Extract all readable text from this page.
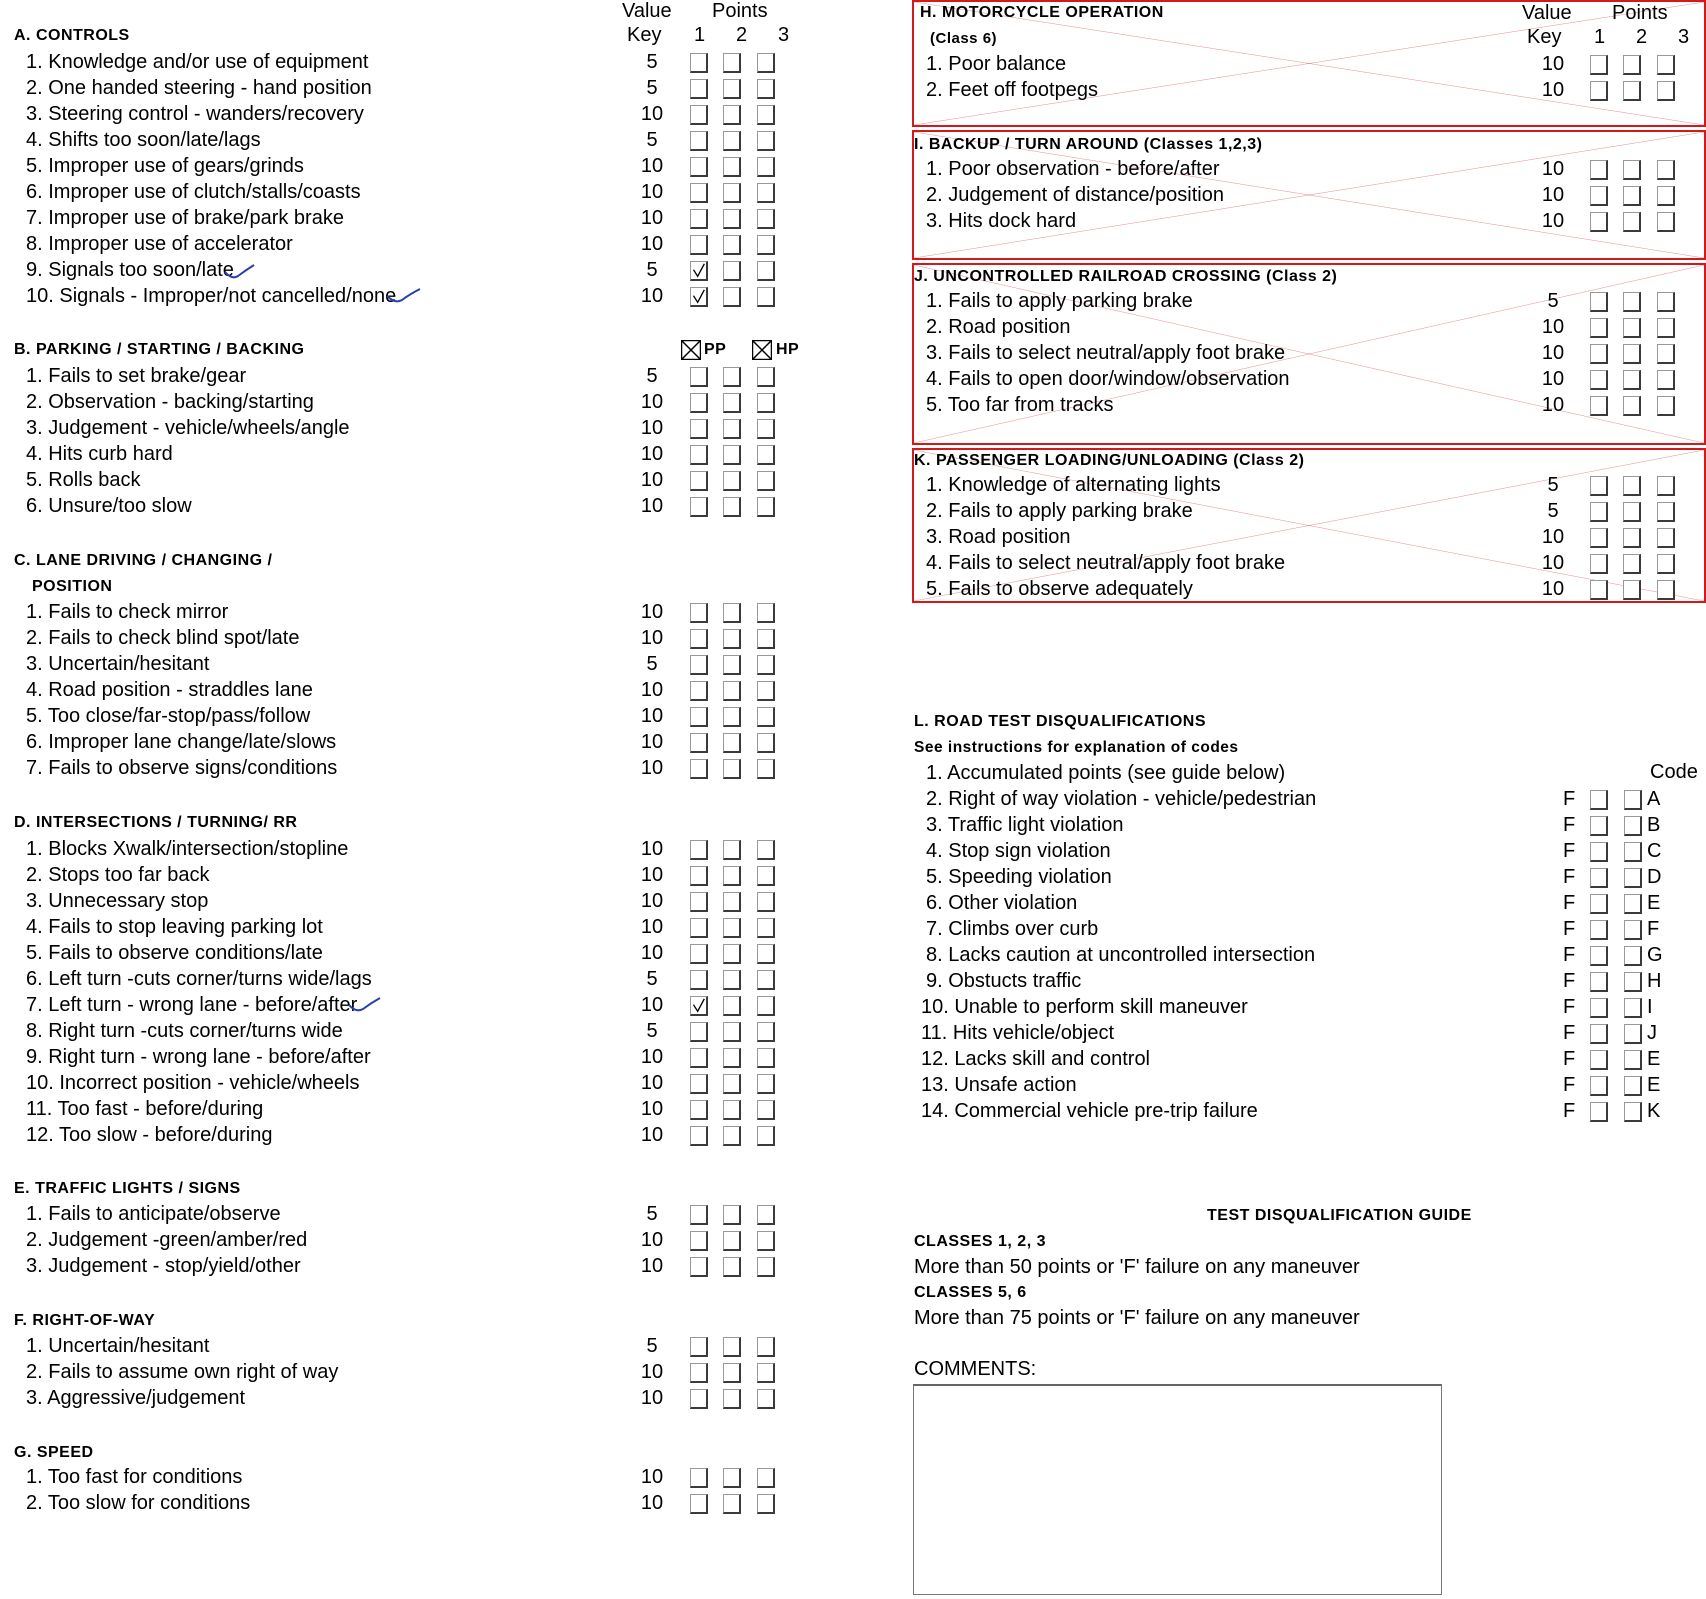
Value Points
Key 1 2 3
A. CONTROLS
1. Knowledge and/or use of equipment	5
2. One handed steering - hand position	5
3. Steering control - wanders/recovery	10
4. Shifts too soon/late/lags	5
5. Improper use of gears/grinds	10
6. Improper use of clutch/stalls/coasts	10
7. Improper use of brake/park brake	10
8. Improper use of accelerator	10
9. Signals too soon/late	5
10. Signals - Improper/not cancelled/none	10
B. PARKING / STARTING / BACKING	PP	HP
1. Fails to set brake/gear	5
2. Observation - backing/starting	10
3. Judgement - vehicle/wheels/angle	10
4. Hits curb hard	10
5. Rolls back	10
6. Unsure/too slow	10
C. LANE DRIVING / CHANGING /
POSITION
1. Fails to check mirror	10
2. Fails to check blind spot/late	10
3. Uncertain/hesitant	5
4. Road position - straddles lane	10
5. Too close/far-stop/pass/follow	10
6. Improper lane change/late/slows	10
7. Fails to observe signs/conditions	10
D. INTERSECTIONS / TURNING/ RR
1. Blocks Xwalk/intersection/stopline	10
2. Stops too far back	10
3. Unnecessary stop	10
4. Fails to stop leaving parking lot	10
5. Fails to observe conditions/late	10
6. Left turn -cuts corner/turns wide/lags	5
7. Left turn - wrong lane - before/after	10
8. Right turn -cuts corner/turns wide	5
9. Right turn - wrong lane - before/after	10
10. Incorrect position - vehicle/wheels	10
11. Too fast - before/during	10
12. Too slow - before/during	10
E. TRAFFIC LIGHTS / SIGNS
1. Fails to anticipate/observe	5
2. Judgement -green/amber/red	10
3. Judgement - stop/yield/other	10
F. RIGHT-OF-WAY
1. Uncertain/hesitant	5
2. Fails to assume own right of way	10
3. Aggressive/judgement	10
G. SPEED
1. Too fast for conditions	10
2. Too slow for conditions	10
H. MOTORCYCLE OPERATION
(Class 6)
Value Points
Key 1 2 3
1. Poor balance	10
2. Feet off footpegs	10
I. BACKUP / TURN AROUND (Classes 1,2,3)
1. Poor observation - before/after	10
2. Judgement of distance/position	10
3. Hits dock hard	10
J. UNCONTROLLED RAILROAD CROSSING (Class 2)
1. Fails to apply parking brake	5
2. Road position	10
3. Fails to select neutral/apply foot brake	10
4. Fails to open door/window/observation	10
5. Too far from tracks	10
K. PASSENGER LOADING/UNLOADING (Class 2)
1. Knowledge of alternating lights	5
2. Fails to apply parking brake	5
3. Road position	10
4. Fails to select neutral/apply foot brake	10
5. Fails to observe adequately	10
L. ROAD TEST DISQUALIFICATIONS
See instructions for explanation of codes
Code
1. Accumulated points (see guide below)
2. Right of way violation - vehicle/pedestrian	F	A
3. Traffic light violation	F	B
4. Stop sign violation	F	C
5. Speeding violation	F	D
6. Other violation	F	E
7. Climbs over curb	F	F
8. Lacks caution at uncontrolled intersection	F	G
9. Obstucts traffic	F	H
10. Unable to perform skill maneuver	F	I
11. Hits vehicle/object	F	J
12. Lacks skill and control	F	E
13. Unsafe action	F	E
14. Commercial vehicle pre-trip failure	F	K
TEST DISQUALIFICATION GUIDE
CLASSES 1, 2, 3
More than 50 points or 'F' failure on any maneuver
CLASSES 5, 6
More than 75 points or 'F' failure on any maneuver
COMMENTS:
